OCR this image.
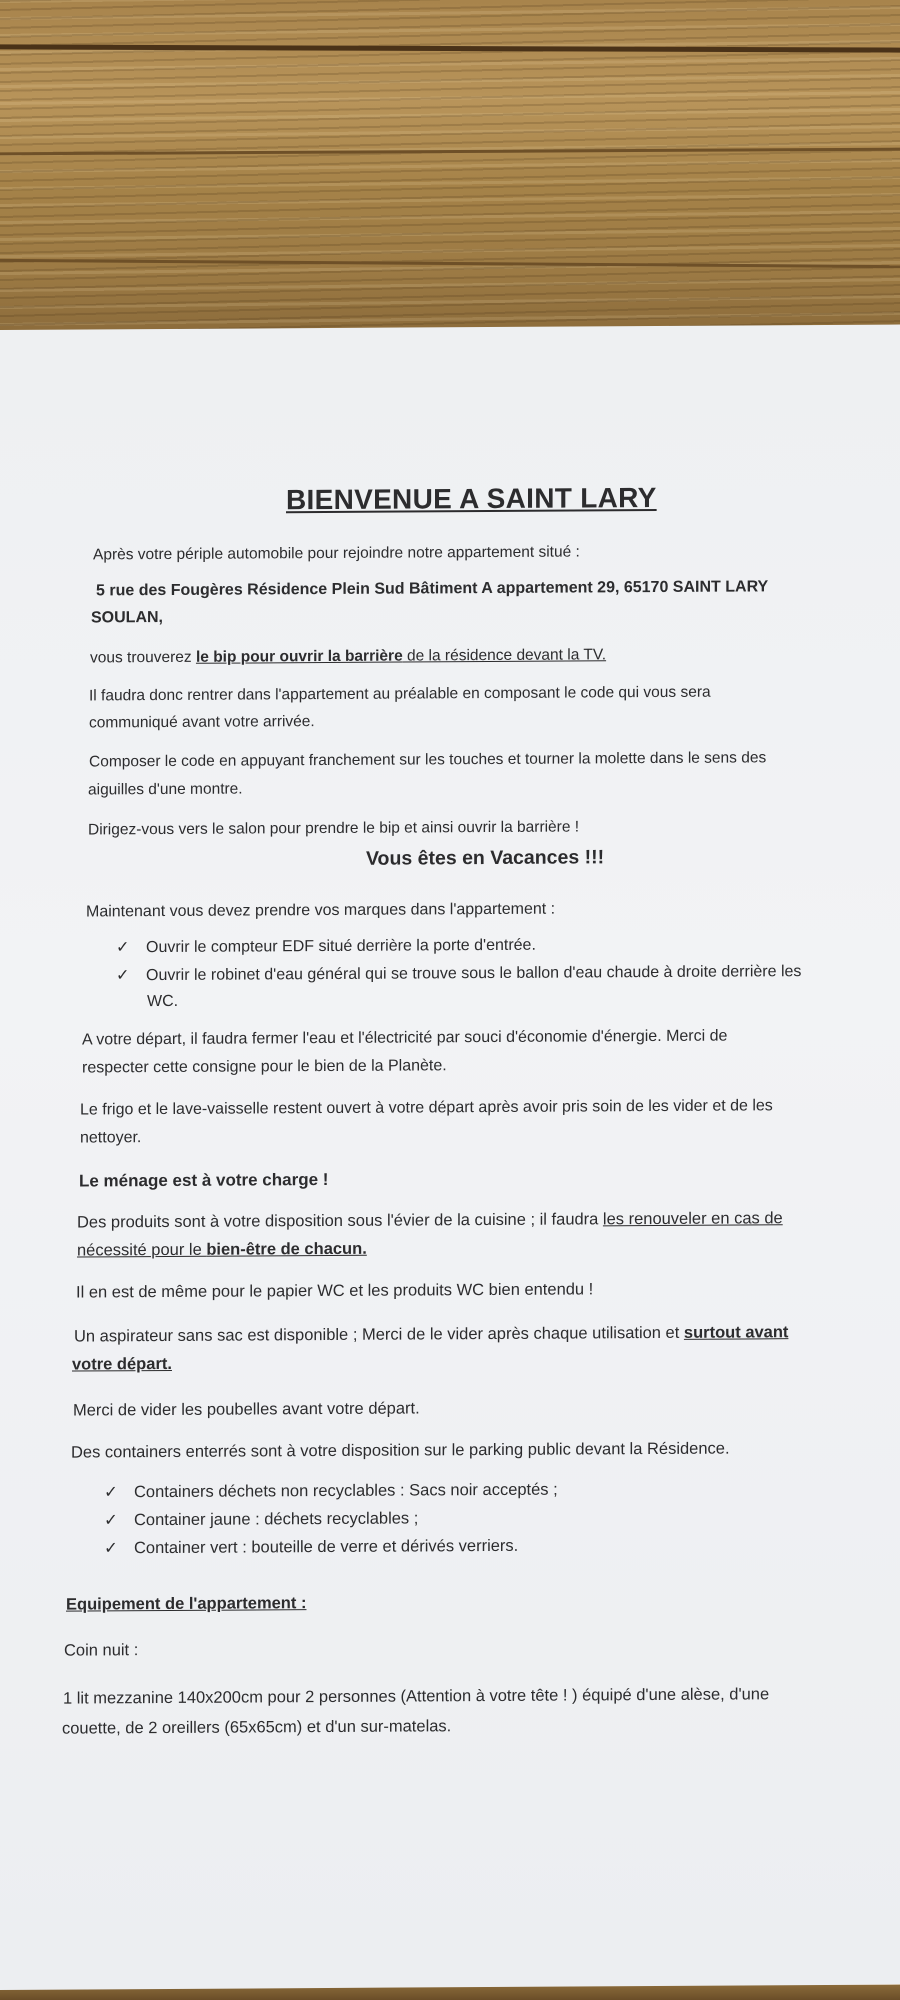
BIENVENUE A SAINT LARY
Après votre périple automobile pour rejoindre notre appartement situé :
5 rue des Fougères Résidence Plein Sud Bâtiment A appartement 29, 65170 SAINT LARY
SOULAN,
vous trouverez le bip pour ouvrir la barrière de la résidence devant la TV.
Il faudra donc rentrer dans l'appartement au préalable en composant le code qui vous sera
communiqué avant votre arrivée.
Composer le code en appuyant franchement sur les touches et tourner la molette dans le sens des
aiguilles d'une montre.
Dirigez-vous vers le salon pour prendre le bip et ainsi ouvrir la barrière !
Vous êtes en Vacances !!!
Maintenant vous devez prendre vos marques dans l'appartement :
✓ Ouvrir le compteur EDF situé derrière la porte d'entrée.
✓ Ouvrir le robinet d'eau général qui se trouve sous le ballon d'eau chaude à droite derrière les
WC.
A votre départ, il faudra fermer l'eau et l'électricité par souci d'économie d'énergie. Merci de
respecter cette consigne pour le bien de la Planète.
Le frigo et le lave-vaisselle restent ouvert à votre départ après avoir pris soin de les vider et de les
nettoyer.
Le ménage est à votre charge !
Des produits sont à votre disposition sous l'évier de la cuisine ; il faudra les renouveler en cas de
nécessité pour le bien-être de chacun.
Il en est de même pour le papier WC et les produits WC bien entendu !
Un aspirateur sans sac est disponible ; Merci de le vider après chaque utilisation et surtout avant
votre départ.
Merci de vider les poubelles avant votre départ.
Des containers enterrés sont à votre disposition sur le parking public devant la Résidence.
✓ Containers déchets non recyclables : Sacs noir acceptés ;
✓ Container jaune : déchets recyclables ;
✓ Container vert : bouteille de verre et dérivés verriers.
Equipement de l'appartement :
Coin nuit :
1 lit mezzanine 140x200cm pour 2 personnes (Attention à votre tête ! ) équipé d'une alèse, d'une
couette, de 2 oreillers (65x65cm) et d'un sur-matelas.
